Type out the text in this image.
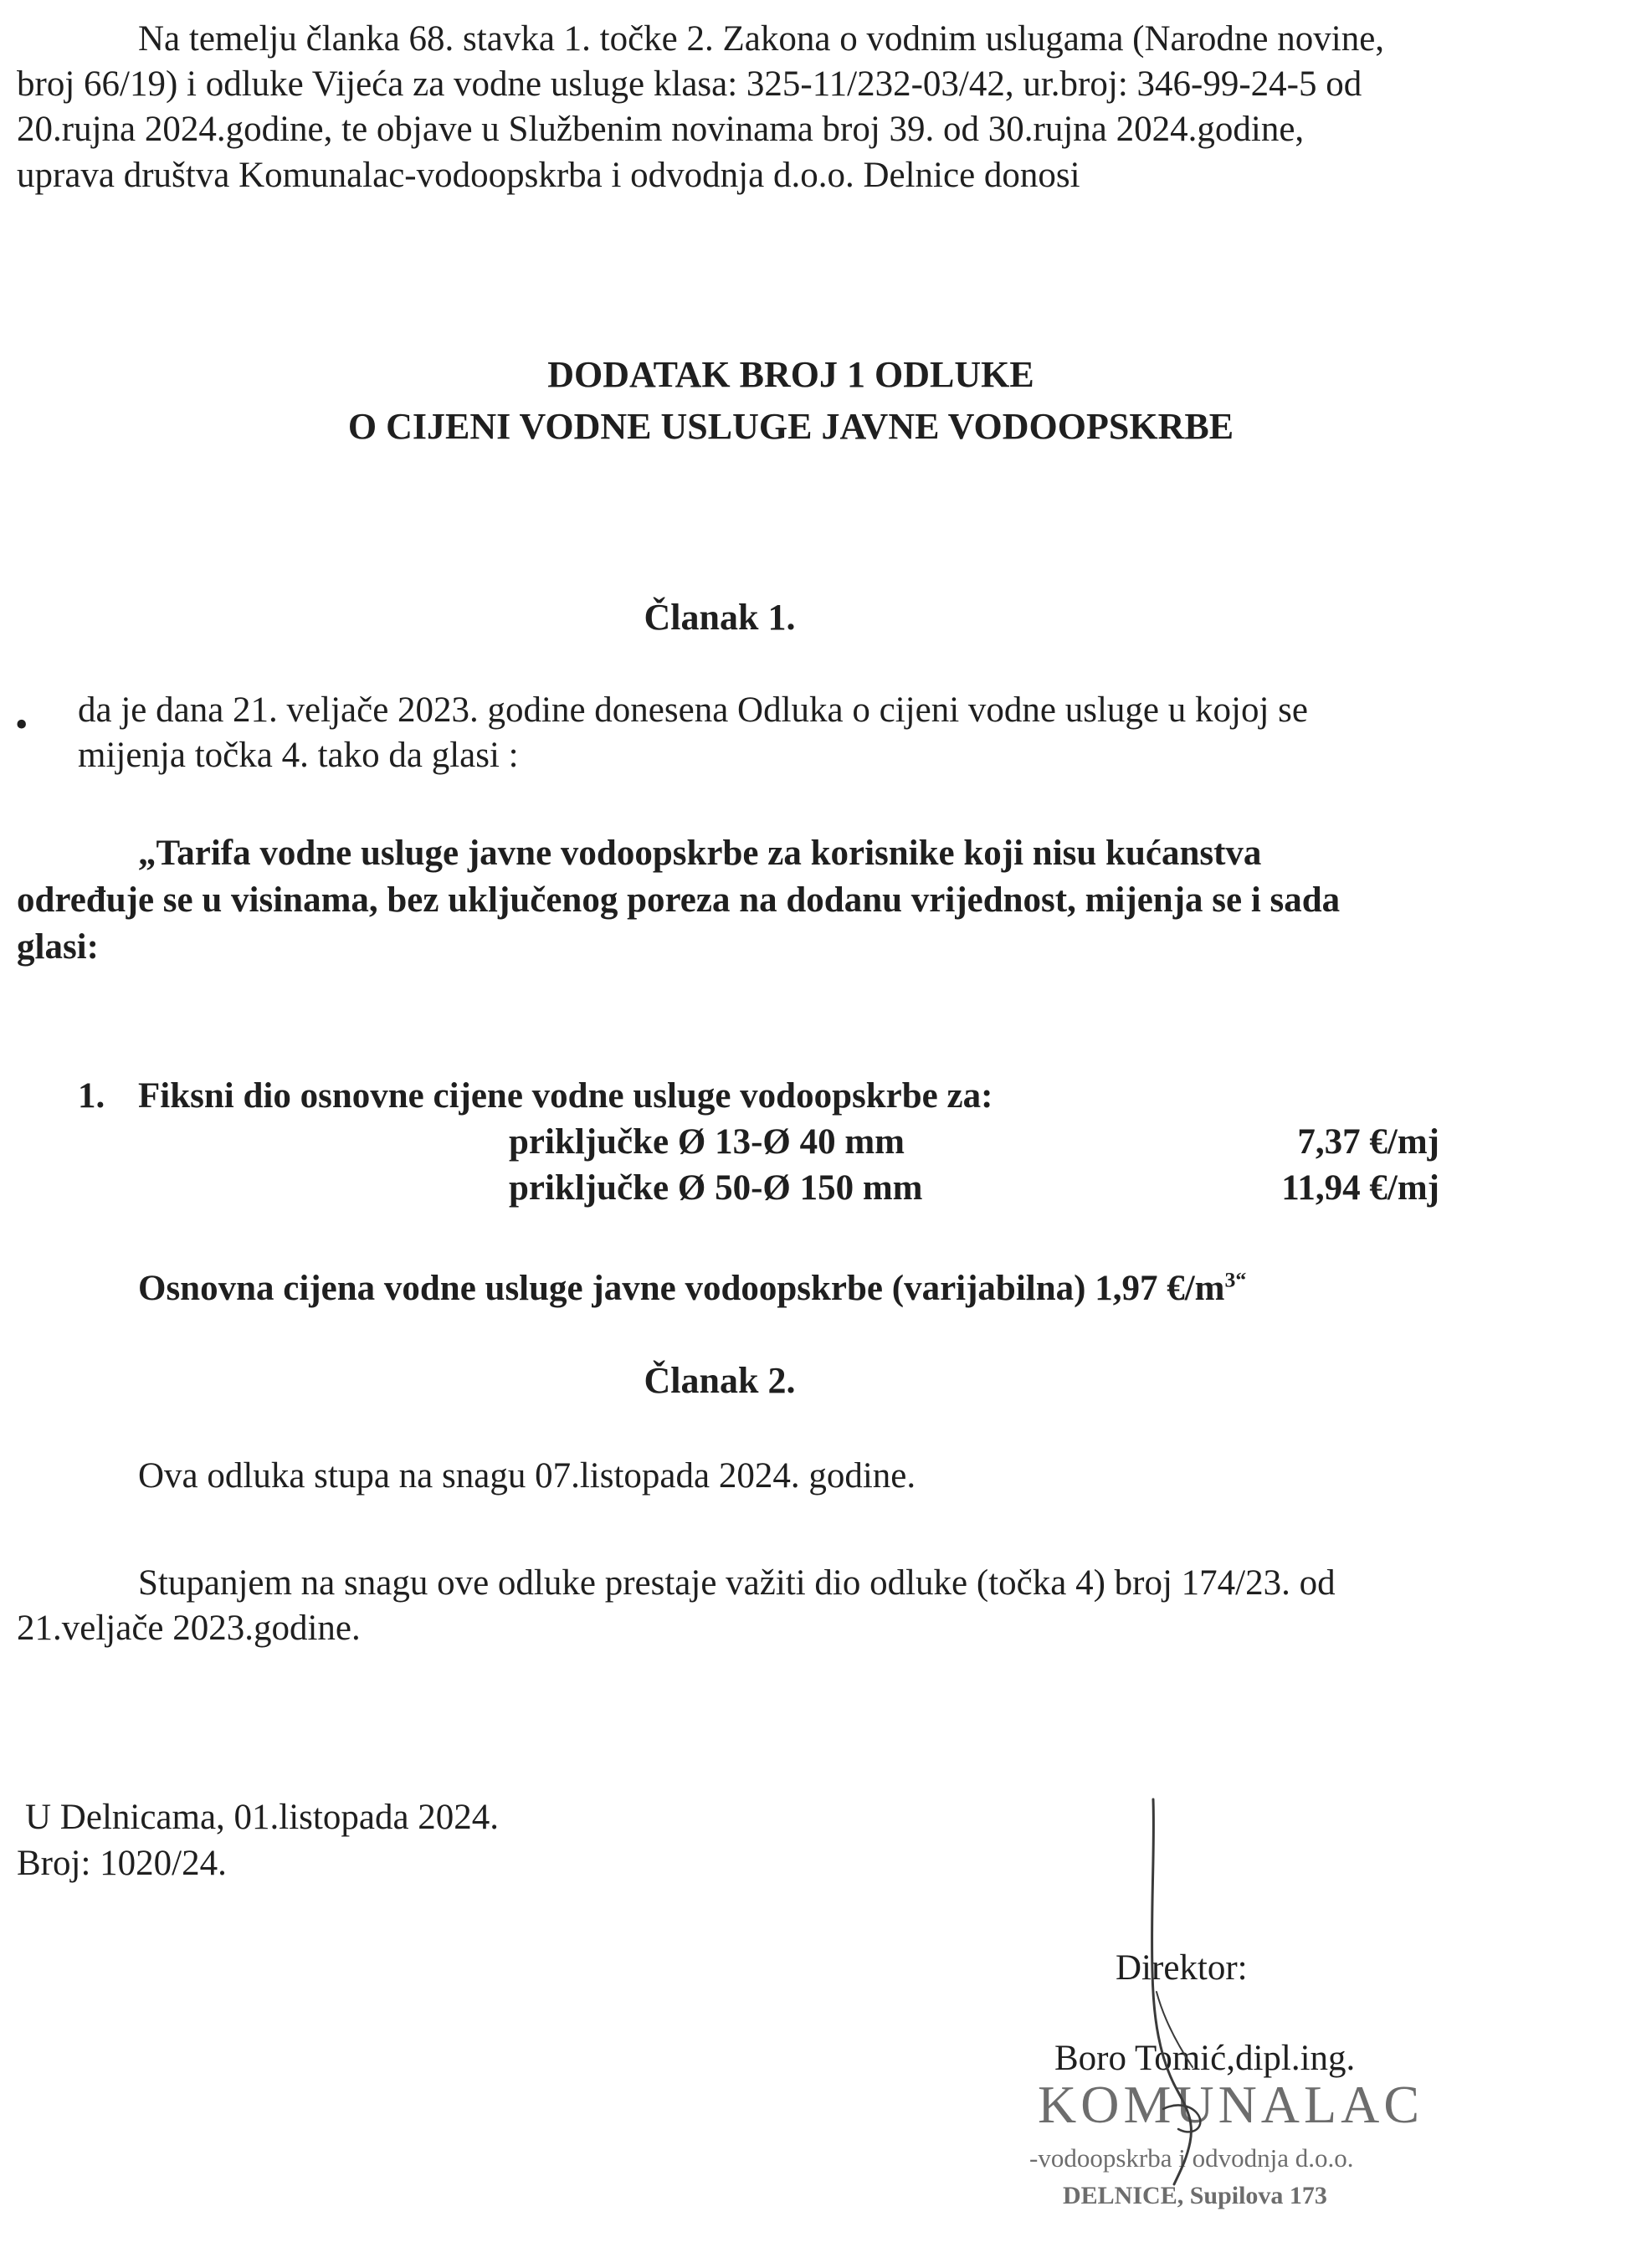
Na temelju članka 68. stavka 1. točke 2. Zakona o vodnim uslugama (Narodne novine,

broj 66/19) i odluke Vijeća za vodne usluge klasa: 325-11/232-03/42, ur.broj: 346-99-24-5 od

20.rujna 2024.godine, te objave u Službenim novinama broj 39. od 30.rujna 2024.godine,

uprava društva Komunalac-vodoopskrba i odvodnja d.o.o. Delnice donosi

DODATAK BROJ 1 ODLUKE

O CIJENI VODNE USLUGE JAVNE VODOOPSKRBE

Članak 1.
• da je dana 21. veljače 2023. godine donesena Odluka o cijeni vodne usluge u kojoj se
mijenja točka 4. tako da glasi :

„Tarifa vodne usluge javne vodoopskrbe za korisnike koji nisu kućanstva

određuje se u visinama, bez uključenog poreza na dodanu vrijednost, mijenja se i sada

glasi:

1. Fiksni dio osnovne cijene vodne usluge vodoopskrbe za:
priključke Ø 13-Ø 40 mm	7,37 €/mj
priključke Ø 50-Ø 150 mm	11,94 €/mj
Osnovna cijena vodne usluge javne vodoopskrbe (varijabilna) 1,97 $€/m^{3“}$
Članak 2.
Ova odluka stupa na snagu 07.listopada 2024. godine.

Stupanjem na snagu ove odluke prestaje važiti dio odluke (točka 4) broj 174/23. od

21.veljače 2023.godine.

U Delnicama, 01.listopada 2024.
Broj: 1020/24.
Direktor:
Boro Tomić,dipl.ing.
KOMUNALAC
-vodoopskrba i odvodnja d.o.o.
DELNICE, Supilova 173
